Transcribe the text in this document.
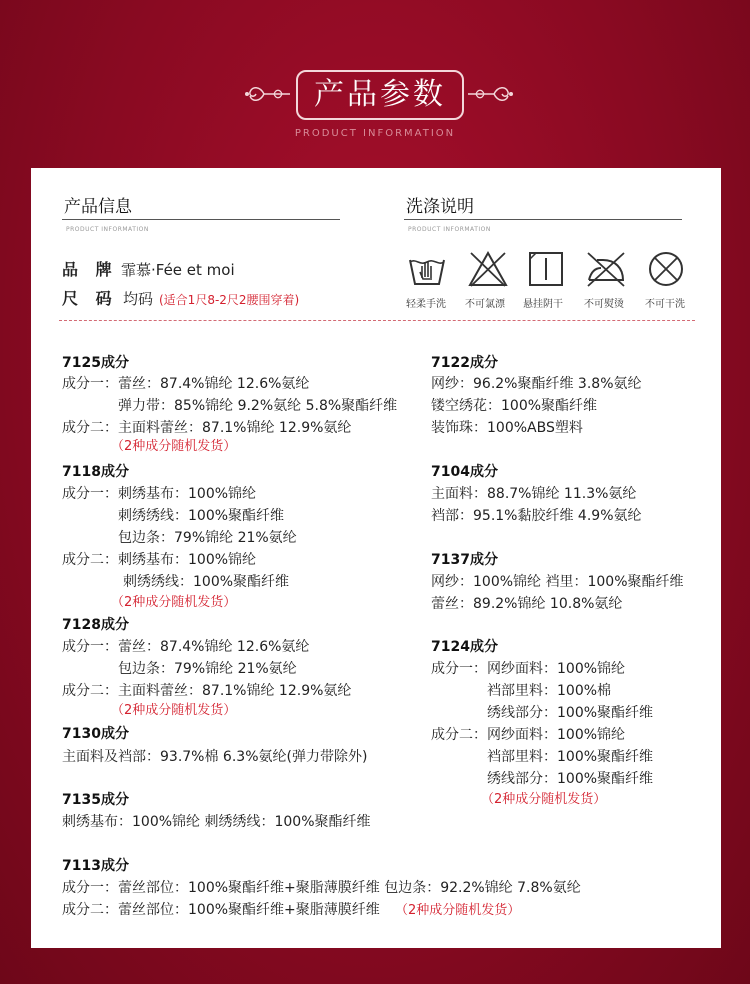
产品参数
PRODUCT INFORMATION
产品信息
PRODUCT INFORMATION
品 牌 霏慕·Fée et moi
尺 码 均码 (适合1尺8-2尺2腰围穿着)
洗涤说明
PRODUCT INFORMATION
轻柔手洗 不可氯漂 悬挂阴干 不可熨烫 不可干洗
7125成分
成分一：蕾丝：87.4%锦纶 12.6%氨纶
弹力带：85%锦纶 9.2%氨纶 5.8%聚酯纤维
成分二：主面料蕾丝：87.1%锦纶 12.9%氨纶
（2种成分随机发货）
7118成分
成分一：刺绣基布：100%锦纶
刺绣绣线：100%聚酯纤维
包边条：79%锦纶 21%氨纶
成分二：刺绣基布：100%锦纶
刺绣绣线：100%聚酯纤维
（2种成分随机发货）
7128成分
成分一：蕾丝：87.4%锦纶 12.6%氨纶
包边条：79%锦纶 21%氨纶
成分二：主面料蕾丝：87.1%锦纶 12.9%氨纶
（2种成分随机发货）
7130成分
主面料及裆部：93.7%棉 6.3%氨纶(弹力带除外)
7135成分
刺绣基布：100%锦纶 刺绣绣线：100%聚酯纤维
7113成分
成分一：蕾丝部位：100%聚酯纤维+聚脂薄膜纤维 包边条：92.2%锦纶 7.8%氨纶
成分二：蕾丝部位：100%聚酯纤维+聚脂薄膜纤维 （2种成分随机发货）
7122成分
网纱：96.2%聚酯纤维 3.8%氨纶
镂空绣花：100%聚酯纤维
装饰珠：100%ABS塑料
7104成分
主面料：88.7%锦纶 11.3%氨纶
裆部：95.1%黏胶纤维 4.9%氨纶
7137成分
网纱：100%锦纶 裆里：100%聚酯纤维
蕾丝：89.2%锦纶 10.8%氨纶
7124成分
成分一：网纱面料：100%锦纶
裆部里料：100%棉
绣线部分：100%聚酯纤维
成分二：网纱面料：100%锦纶
裆部里料：100%聚酯纤维
绣线部分：100%聚酯纤维
（2种成分随机发货）
